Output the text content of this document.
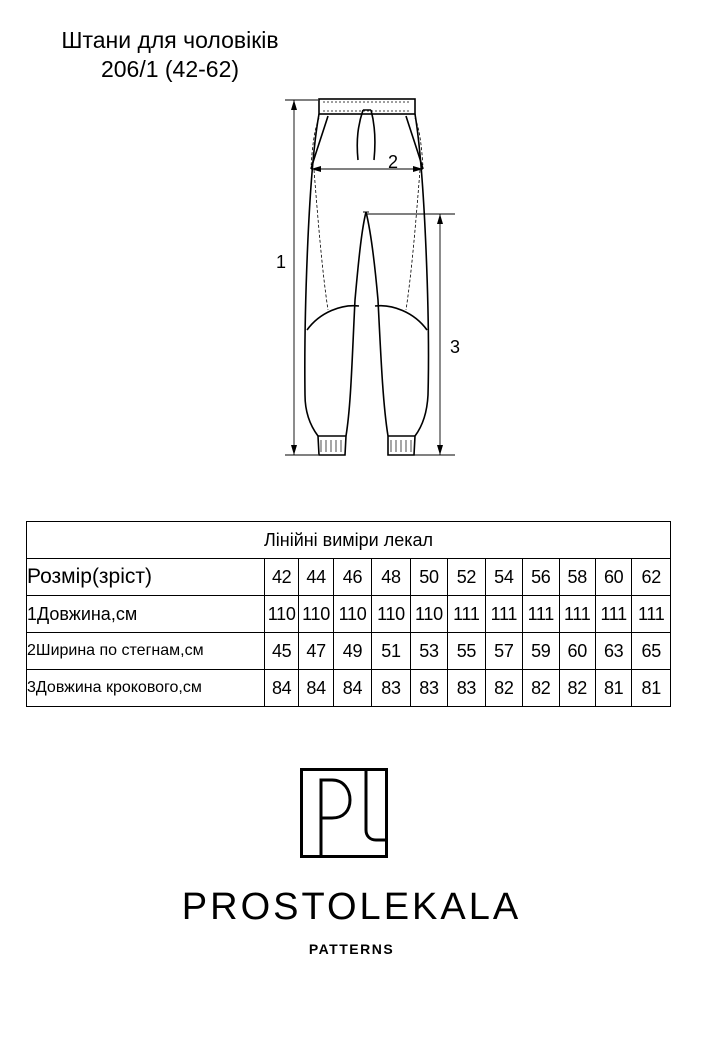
Штани для чоловіків
206/1 (42-62)
1
2
3
Лінійні виміри лекал											
Розмір(зріст)	42	44	46	48	50	52	54	56	58	60	62
1Довжина,см	110	110	110	110	110	111	111	111	111	111	111
2Ширина по стегнам,см	45	47	49	51	53	55	57	59	60	63	65
3Довжина крокового,см	84	84	84	83	83	83	82	82	82	81	81
PROSTOLEKALA
PATTERNS
